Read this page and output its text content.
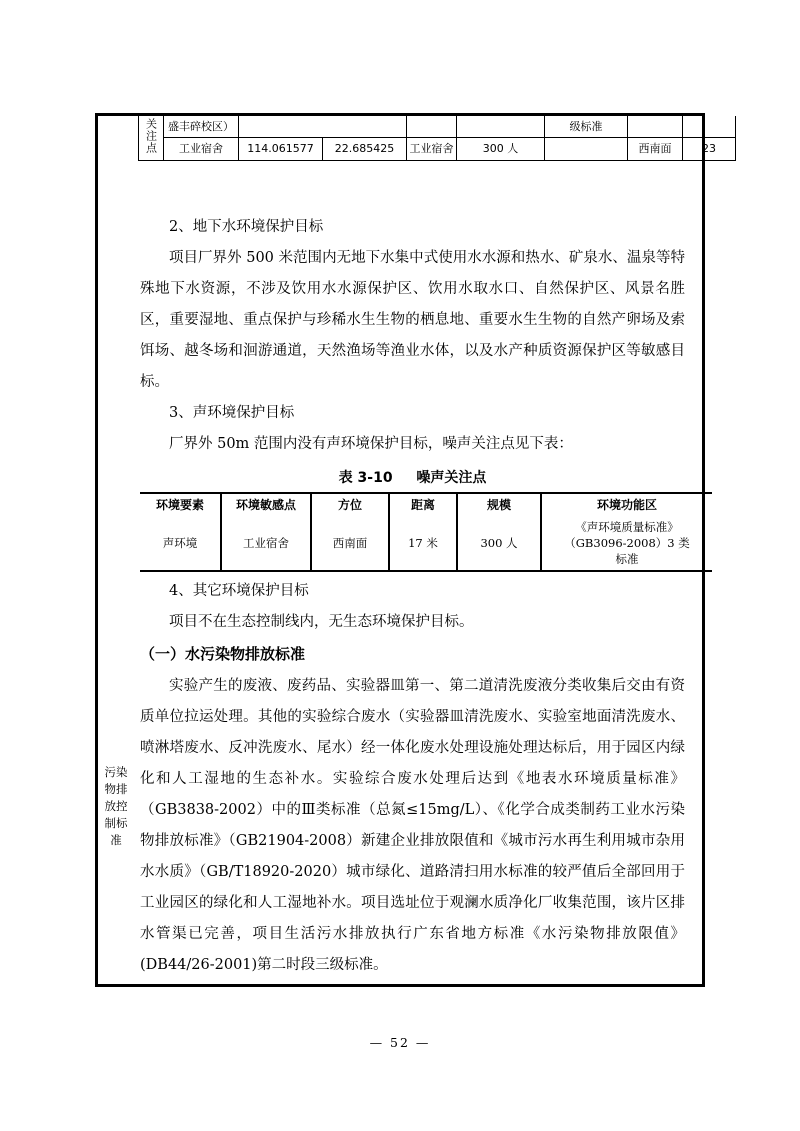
污染
物排
放控
制标
准
	关注点	盛丰碎校区）					级标准			
		工业宿舍	114.061577	22.685425	工业宿舍	300 人		西南面	23	

2、地下水环境保护目标

项目厂界外 500 米范围内无地下水集中式使用水水源和热水、矿泉水、温泉等特殊地下水资源，不涉及饮用水水源保护区、饮用水取水口、自然保护区、风景名胜区，重要湿地、重点保护与珍稀水生生物的栖息地、重要水生生物的自然产卵场及索饵场、越冬场和洄游通道，天然渔场等渔业水体，以及水产种质资源保护区等敏感目标。

3、声环境保护目标

厂界外 50m 范围内没有声环境保护目标，噪声关注点见下表：

表 3-10 噪声关注点
环境要素	环境敏感点	方位	距离	规模	环境功能区
声环境	工业宿舍	西南面	17 米	300 人	《声环境质量标准》
（GB3096-2008）3 类
标准

4、其它环境保护目标

项目不在生态控制线内，无生态环境保护目标。

（一）水污染物排放标准

实验产生的废液、废药品、实验器皿第一、第二道清洗废液分类收集后交由有资质单位拉运处理。其他的实验综合废水（实验器皿清洗废水、实验室地面清洗废水、喷淋塔废水、反冲洗废水、尾水）经一体化废水处理设施处理达标后，用于园区内绿化和人工湿地的生态补水。实验综合废水处理后达到《地表水环境质量标准》（GB3838-2002）中的Ⅲ类标准（总氮≤15mg/L）、《化学合成类制药工业水污染物排放标准》（GB21904-2008）新建企业排放限值和《城市污水再生利用城市杂用水水质》（GB/T18920-2020）城市绿化、道路清扫用水标准的较严值后全部回用于工业园区的绿化和人工湿地补水。项目选址位于观澜水质净化厂收集范围，该片区排水管渠已完善，项目生活污水排放执行广东省地方标准《水污染物排放限值》(DB44/26-2001)第二时段三级标准。

— 52 —
